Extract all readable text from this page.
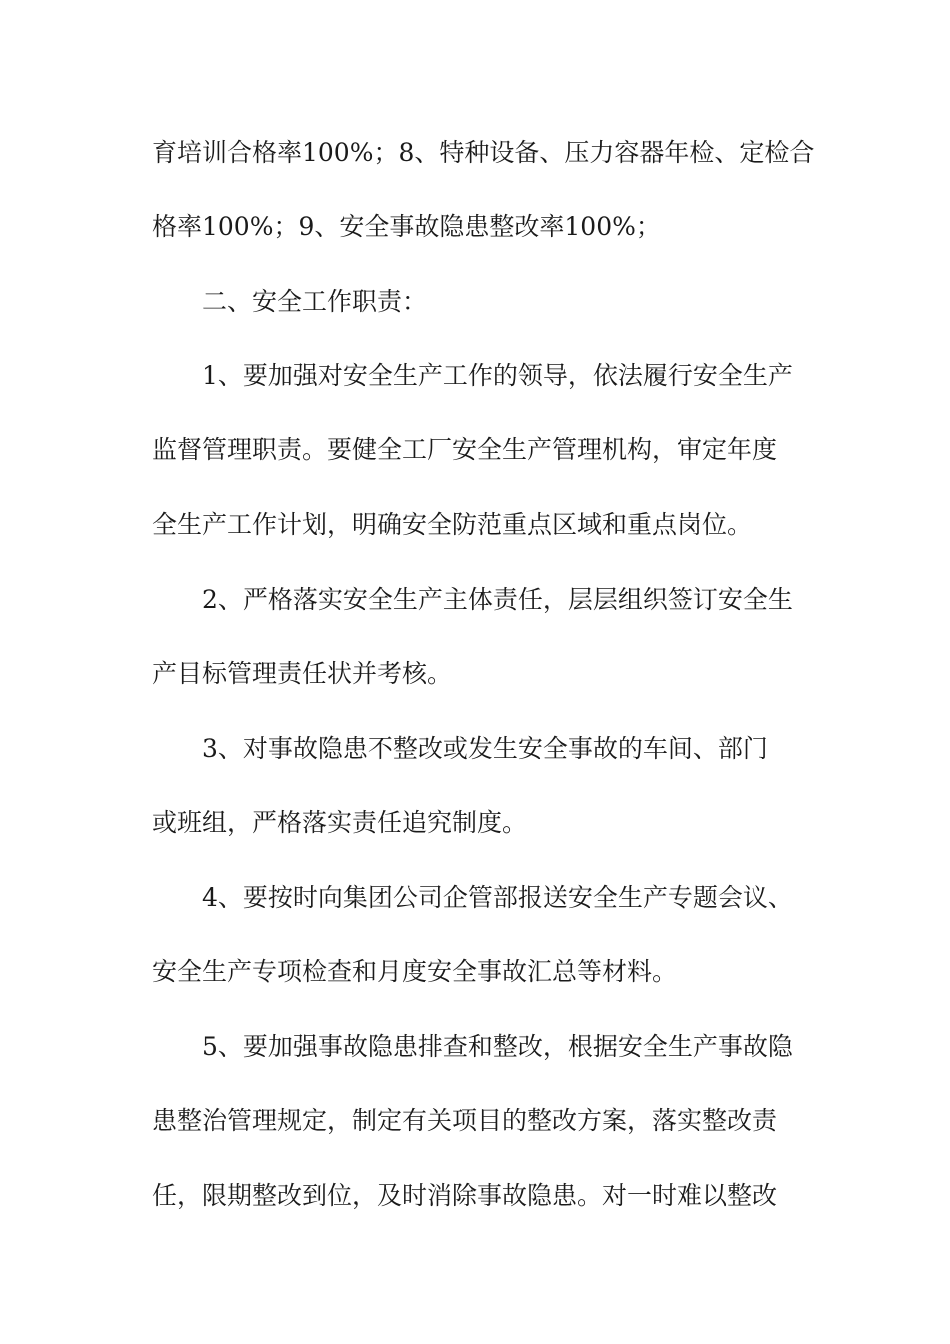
育培训合格率100%；8、特种设备、压力容器年检、定检合

格率100%；9、安全事故隐患整改率100%；

二、安全工作职责：

1、要加强对安全生产工作的领导，依法履行安全生产

监督管理职责。要健全工厂安全生产管理机构，审定年度

全生产工作计划，明确安全防范重点区域和重点岗位。

2、严格落实安全生产主体责任，层层组织签订安全生

产目标管理责任状并考核。

3、对事故隐患不整改或发生安全事故的车间、部门

或班组，严格落实责任追究制度。

4、要按时向集团公司企管部报送安全生产专题会议、

安全生产专项检查和月度安全事故汇总等材料。

5、要加强事故隐患排查和整改，根据安全生产事故隐

患整治管理规定，制定有关项目的整改方案，落实整改责

任，限期整改到位，及时消除事故隐患。对一时难以整改
